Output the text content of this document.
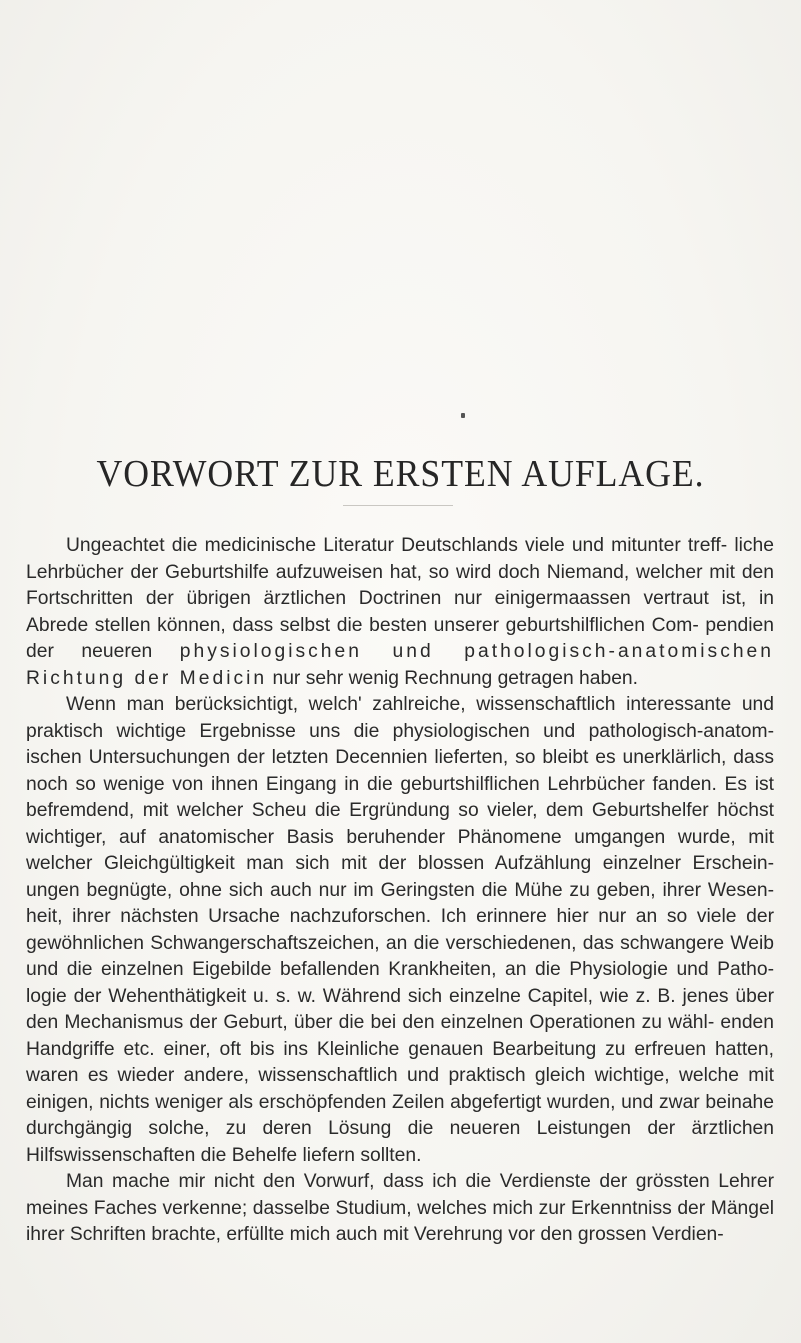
VORWORT ZUR ERSTEN AUFLAGE.

Ungeachtet die medicinische Literatur Deutschlands viele und mitunter treff- liche Lehrbücher der Geburtshilfe aufzuweisen hat, so wird doch Niemand, welcher mit den Fortschritten der übrigen ärztlichen Doctrinen nur einigermaassen vertraut ist, in Abrede stellen können, dass selbst die besten unserer geburtshilflichen Com- pendien der neueren physiologischen und pathologisch-anatomischen Richtung der Medicin nur sehr wenig Rechnung getragen haben.

Wenn man berücksichtigt, welch' zahlreiche, wissenschaftlich interessante und praktisch wichtige Ergebnisse uns die physiologischen und pathologisch-anatom- ischen Untersuchungen der letzten Decennien lieferten, so bleibt es unerklärlich, dass noch so wenige von ihnen Eingang in die geburtshilflichen Lehrbücher fanden. Es ist befremdend, mit welcher Scheu die Ergründung so vieler, dem Geburtshelfer höchst wichtiger, auf anatomischer Basis beruhender Phänomene umgangen wurde, mit welcher Gleichgültigkeit man sich mit der blossen Aufzählung einzelner Erschein- ungen begnügte, ohne sich auch nur im Geringsten die Mühe zu geben, ihrer Wesen- heit, ihrer nächsten Ursache nachzuforschen. Ich erinnere hier nur an so viele der gewöhnlichen Schwangerschaftszeichen, an die verschiedenen, das schwangere Weib und die einzelnen Eigebilde befallenden Krankheiten, an die Physiologie und Patho- logie der Wehenthätigkeit u. s. w. Während sich einzelne Capitel, wie z. B. jenes über den Mechanismus der Geburt, über die bei den einzelnen Operationen zu wähl- enden Handgriffe etc. einer, oft bis ins Kleinliche genauen Bearbeitung zu erfreuen hatten, waren es wieder andere, wissenschaftlich und praktisch gleich wichtige, welche mit einigen, nichts weniger als erschöpfenden Zeilen abgefertigt wurden, und zwar beinahe durchgängig solche, zu deren Lösung die neueren Leistungen der ärztlichen Hilfswissenschaften die Behelfe liefern sollten.

Man mache mir nicht den Vorwurf, dass ich die Verdienste der grössten Lehrer meines Faches verkenne; dasselbe Studium, welches mich zur Erkenntniss der Mängel ihrer Schriften brachte, erfüllte mich auch mit Verehrung vor den grossen Verdien-
